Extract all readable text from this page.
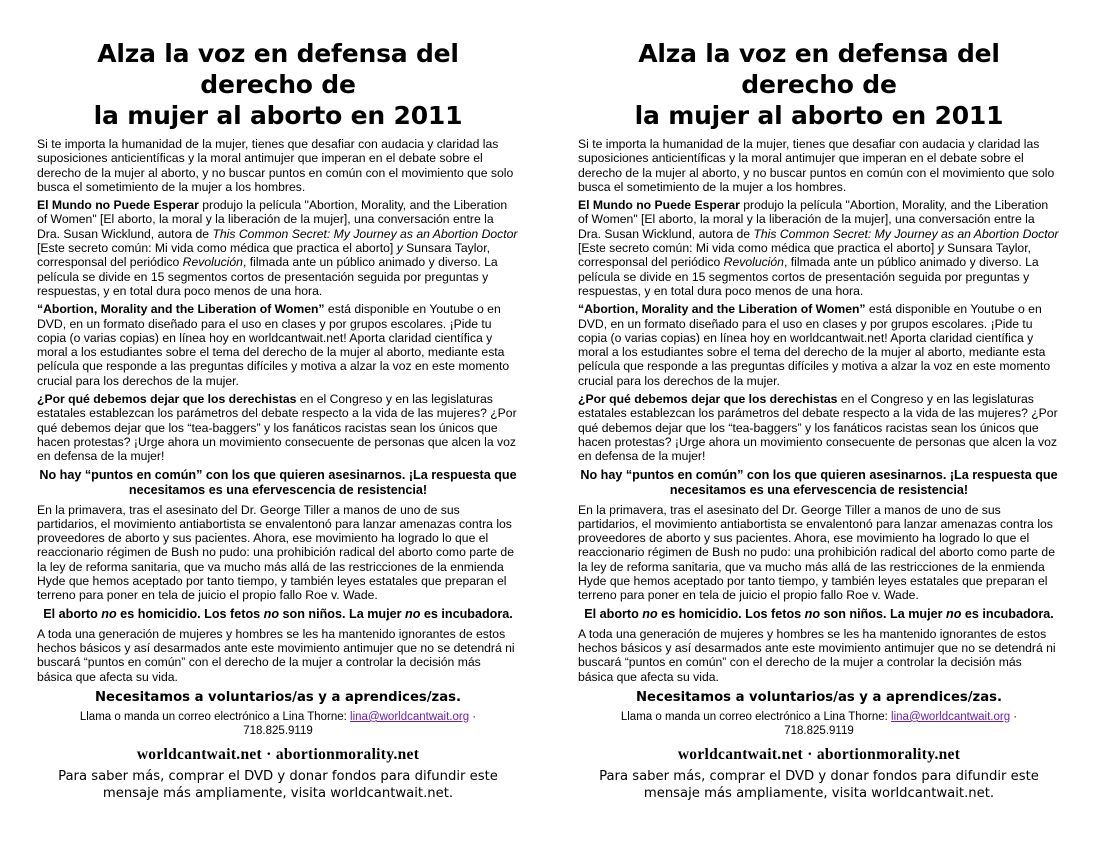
Alza la voz en defensa del derecho de
la mujer al aborto en 2011

Si te importa la humanidad de la mujer, tienes que desafiar con audacia y claridad las suposiciones anticientíficas y la moral antimujer que imperan en el debate sobre el derecho de la mujer al aborto, y no buscar puntos en común con el movimiento que solo busca el sometimiento de la mujer a los hombres.

El Mundo no Puede Esperar produjo la película "Abortion, Morality, and the Liberation of Women" [El aborto, la moral y la liberación de la mujer], una conversación entre la Dra. Susan Wicklund, autora de This Common Secret: My Journey as an Abortion Doctor [Este secreto común: Mi vida como médica que practica el aborto] y Sunsara Taylor, corresponsal del periódico Revolución, filmada ante un público animado y diverso. La película se divide en 15 segmentos cortos de presentación seguida por preguntas y respuestas, y en total dura poco menos de una hora.

“Abortion, Morality and the Liberation of Women” está disponible en Youtube o en DVD, en un formato diseñado para el uso en clases y por grupos escolares. ¡Pide tu copia (o varias copias) en línea hoy en worldcantwait.net! Aporta claridad científica y moral a los estudiantes sobre el tema del derecho de la mujer al aborto, mediante esta película que responde a las preguntas difíciles y motiva a alzar la voz en este momento crucial para los derechos de la mujer.

¿Por qué debemos dejar que los derechistas en el Congreso y en las legislaturas estatales establezcan los parámetros del debate respecto a la vida de las mujeres? ¿Por qué debemos dejar que los “tea-baggers” y los fanáticos racistas sean los únicos que hacen protestas? ¡Urge ahora un movimiento consecuente de personas que alcen la voz en defensa de la mujer!

No hay “puntos en común” con los que quieren asesinarnos. ¡La respuesta que necesitamos es una efervescencia de resistencia!

En la primavera, tras el asesinato del Dr. George Tiller a manos de uno de sus partidarios, el movimiento antiabortista se envalentonó para lanzar amenazas contra los proveedores de aborto y sus pacientes. Ahora, ese movimiento ha logrado lo que el reaccionario régimen de Bush no pudo: una prohibición radical del aborto como parte de la ley de reforma sanitaria, que va mucho más allá de las restricciones de la enmienda Hyde que hemos aceptado por tanto tiempo, y también leyes estatales que preparan el terreno para poner en tela de juicio el propio fallo Roe v. Wade.

El aborto no es homicidio. Los fetos no son niños. La mujer no es incubadora.

A toda una generación de mujeres y hombres se les ha mantenido ignorantes de estos hechos básicos y así desarmados ante este movimiento antimujer que no se detendrá ni buscará “puntos en común” con el derecho de la mujer a controlar la decisión más básica que afecta su vida.

Necesitamos a voluntarios/as y a aprendices/zas.

Llama o manda un correo electrónico a Lina Thorne: lina@worldcantwait.org ·
718.825.9119

worldcantwait.net · abortionmorality.net

Para saber más, comprar el DVD y donar fondos para difundir este
mensaje más ampliamente, visita worldcantwait.net.

Alza la voz en defensa del derecho de
la mujer al aborto en 2011

Si te importa la humanidad de la mujer, tienes que desafiar con audacia y claridad las suposiciones anticientíficas y la moral antimujer que imperan en el debate sobre el derecho de la mujer al aborto, y no buscar puntos en común con el movimiento que solo busca el sometimiento de la mujer a los hombres.

El Mundo no Puede Esperar produjo la película "Abortion, Morality, and the Liberation of Women" [El aborto, la moral y la liberación de la mujer], una conversación entre la Dra. Susan Wicklund, autora de This Common Secret: My Journey as an Abortion Doctor [Este secreto común: Mi vida como médica que practica el aborto] y Sunsara Taylor, corresponsal del periódico Revolución, filmada ante un público animado y diverso. La película se divide en 15 segmentos cortos de presentación seguida por preguntas y respuestas, y en total dura poco menos de una hora.

“Abortion, Morality and the Liberation of Women” está disponible en Youtube o en DVD, en un formato diseñado para el uso en clases y por grupos escolares. ¡Pide tu copia (o varias copias) en línea hoy en worldcantwait.net! Aporta claridad científica y moral a los estudiantes sobre el tema del derecho de la mujer al aborto, mediante esta película que responde a las preguntas difíciles y motiva a alzar la voz en este momento crucial para los derechos de la mujer.

¿Por qué debemos dejar que los derechistas en el Congreso y en las legislaturas estatales establezcan los parámetros del debate respecto a la vida de las mujeres? ¿Por qué debemos dejar que los “tea-baggers” y los fanáticos racistas sean los únicos que hacen protestas? ¡Urge ahora un movimiento consecuente de personas que alcen la voz en defensa de la mujer!

No hay “puntos en común” con los que quieren asesinarnos. ¡La respuesta que necesitamos es una efervescencia de resistencia!

En la primavera, tras el asesinato del Dr. George Tiller a manos de uno de sus partidarios, el movimiento antiabortista se envalentonó para lanzar amenazas contra los proveedores de aborto y sus pacientes. Ahora, ese movimiento ha logrado lo que el reaccionario régimen de Bush no pudo: una prohibición radical del aborto como parte de la ley de reforma sanitaria, que va mucho más allá de las restricciones de la enmienda Hyde que hemos aceptado por tanto tiempo, y también leyes estatales que preparan el terreno para poner en tela de juicio el propio fallo Roe v. Wade.

El aborto no es homicidio. Los fetos no son niños. La mujer no es incubadora.

A toda una generación de mujeres y hombres se les ha mantenido ignorantes de estos hechos básicos y así desarmados ante este movimiento antimujer que no se detendrá ni buscará “puntos en común” con el derecho de la mujer a controlar la decisión más básica que afecta su vida.

Necesitamos a voluntarios/as y a aprendices/zas.

Llama o manda un correo electrónico a Lina Thorne: lina@worldcantwait.org ·
718.825.9119

worldcantwait.net · abortionmorality.net

Para saber más, comprar el DVD y donar fondos para difundir este
mensaje más ampliamente, visita worldcantwait.net.
